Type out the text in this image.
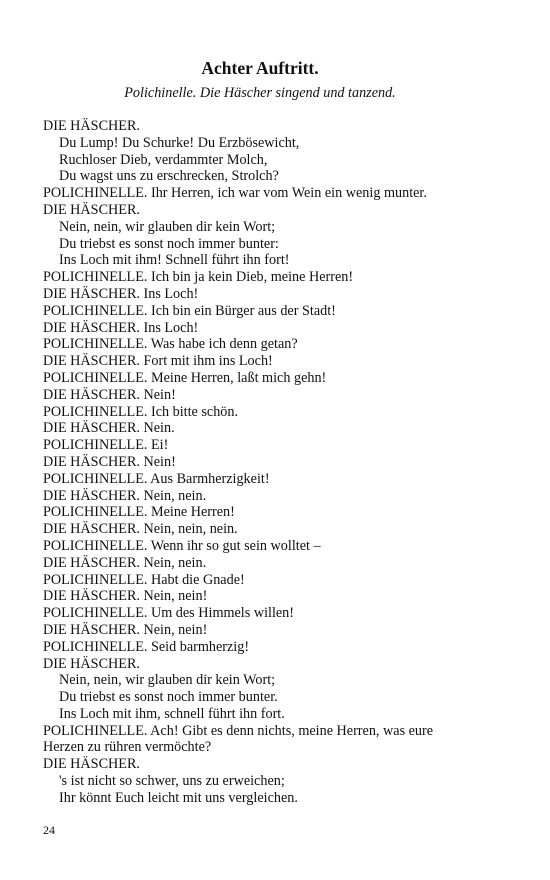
Achter Auftritt.
Polichinelle. Die Häscher singend und tanzend.
DIE HÄSCHER.
Du Lump! Du Schurke! Du Erzbösewicht,
Ruchloser Dieb, verdammter Molch,
Du wagst uns zu erschrecken, Strolch?
POLICHINELLE. Ihr Herren, ich war vom Wein ein wenig munter.
DIE HÄSCHER.
Nein, nein, wir glauben dir kein Wort;
Du triebst es sonst noch immer bunter:
Ins Loch mit ihm! Schnell führt ihn fort!
POLICHINELLE. Ich bin ja kein Dieb, meine Herren!
DIE HÄSCHER. Ins Loch!
POLICHINELLE. Ich bin ein Bürger aus der Stadt!
DIE HÄSCHER. Ins Loch!
POLICHINELLE. Was habe ich denn getan?
DIE HÄSCHER. Fort mit ihm ins Loch!
POLICHINELLE. Meine Herren, laßt mich gehn!
DIE HÄSCHER. Nein!
POLICHINELLE. Ich bitte schön.
DIE HÄSCHER. Nein.
POLICHINELLE. Ei!
DIE HÄSCHER. Nein!
POLICHINELLE. Aus Barmherzigkeit!
DIE HÄSCHER. Nein, nein.
POLICHINELLE. Meine Herren!
DIE HÄSCHER. Nein, nein, nein.
POLICHINELLE. Wenn ihr so gut sein wolltet –
DIE HÄSCHER. Nein, nein.
POLICHINELLE. Habt die Gnade!
DIE HÄSCHER. Nein, nein!
POLICHINELLE. Um des Himmels willen!
DIE HÄSCHER. Nein, nein!
POLICHINELLE. Seid barmherzig!
DIE HÄSCHER.
Nein, nein, wir glauben dir kein Wort;
Du triebst es sonst noch immer bunter.
Ins Loch mit ihm, schnell führt ihn fort.
POLICHINELLE. Ach! Gibt es denn nichts, meine Herren, was eure
Herzen zu rühren vermöchte?
DIE HÄSCHER.
's ist nicht so schwer, uns zu erweichen;
Ihr könnt Euch leicht mit uns vergleichen.
24
